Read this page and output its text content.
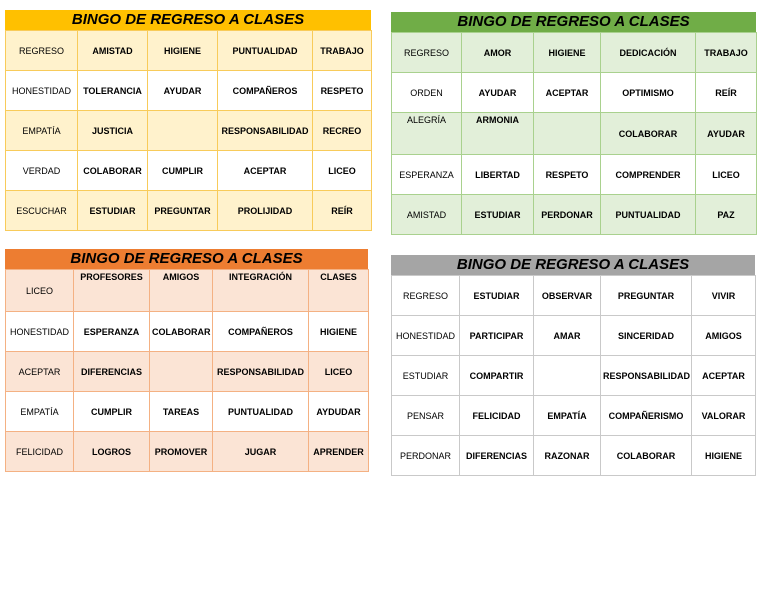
BINGO DE REGRESO A CLASES
REGRESO	AMISTAD	HIGIENE	PUNTUALIDAD	TRABAJO
HONESTIDAD	TOLERANCIA	AYUDAR	COMPAÑEROS	RESPETO
EMPATÍA	JUSTICIA		RESPONSABILIDAD	RECREO
VERDAD	COLABORAR	CUMPLIR	ACEPTAR	LICEO
ESCUCHAR	ESTUDIAR	PREGUNTAR	PROLIJIDAD	REÍR
BINGO DE REGRESO A CLASES
REGRESO	AMOR	HIGIENE	DEDICACIÓN	TRABAJO
ORDEN	AYUDAR	ACEPTAR	OPTIMISMO	REÍR
ALEGRÍA	ARMONIA		COLABORAR	AYUDAR
ESPERANZA	LIBERTAD	RESPETO	COMPRENDER	LICEO
AMISTAD	ESTUDIAR	PERDONAR	PUNTUALIDAD	PAZ
BINGO DE REGRESO A CLASES
LICEO	PROFESORES	AMIGOS	INTEGRACIÓN	CLASES
HONESTIDAD	ESPERANZA	COLABORAR	COMPAÑEROS	HIGIENE
ACEPTAR	DIFERENCIAS		RESPONSABILIDAD	LICEO
EMPATÍA	CUMPLIR	TAREAS	PUNTUALIDAD	AYDUDAR
FELICIDAD	LOGROS	PROMOVER	JUGAR	APRENDER
BINGO DE REGRESO A CLASES
REGRESO	ESTUDIAR	OBSERVAR	PREGUNTAR	VIVIR
HONESTIDAD	PARTICIPAR	AMAR	SINCERIDAD	AMIGOS
ESTUDIAR	COMPARTIR		RESPONSABILIDAD	ACEPTAR
PENSAR	FELICIDAD	EMPATÍA	COMPAÑERISMO	VALORAR
PERDONAR	DIFERENCIAS	RAZONAR	COLABORAR	HIGIENE
